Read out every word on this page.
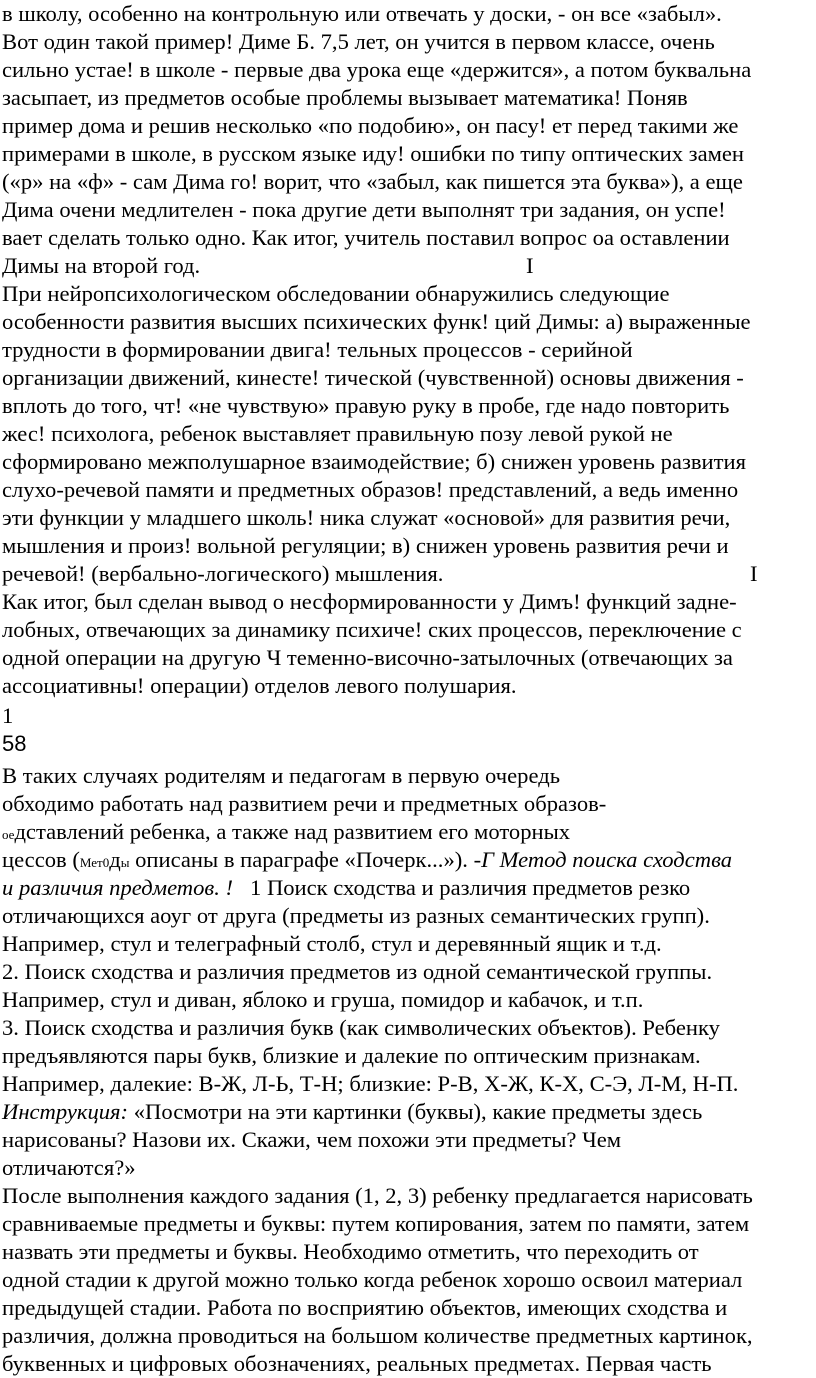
в школу, особенно на контрольную или отвечать у доски, - он все «забыл».
Вот один такой пример! Диме Б. 7,5 лет, он учится в первом классе, очень
сильно устае! в школе - первые два урока еще «держится», а потом буквальна
засыпает, из предметов особые проблемы вызывает математика! Поняв
пример дома и решив несколько «по подобию», он пасу! ет перед такими же
примерами в школе, в русском языке иду! ошибки по типу оптических замен
(«р» на «ф» - сам Дима го! ворит, что «забыл, как пишется эта буква»), а еще
Дима очени медлителен - пока другие дети выполнят три задания, он успе!
вает сделать только одно. Как итог, учитель поставил вопрос оа оставлении
Димы на второй год.	I
При нейропсихологическом обследовании обнаружились следующие
особенности развития высших психических функ! ций Димы: а) выраженные
трудности в формировании двига! тельных процессов - серийной
организации движений, кинесте! тической (чувственной) основы движения -
вплоть до того, чт! «не чувствую» правую руку в пробе, где надо повторить
жес! психолога, ребенок выставляет правильную позу левой рукой не
сформировано межполушарное взаимодействие; б) снижен уровень развития
слухо-речевой памяти и предметных образов! представлений, а ведь именно
эти функции у младшего школь! ника служат «основой» для развития речи,
мышления и произ! вольной регуляции; в) снижен уровень развития речи и
речевой! (вербально-логического) мышления.	I
Как итог, был сделан вывод о несформированности у Димъ! функций задне-
лобных, отвечающих за динамику психиче! ских процессов, переключение с
одной операции на другую Ч теменно-височно-затылочных (отвечающих за
ассоциативны! операции) отделов левого полушария.
1
58
В таких случаях родителям и педагогам в первую очередь
обходимо работать над развитием речи и предметных образов-
оедставлений ребенка, а также над развитием его моторных
цессов (Мет0ды описаны в параграфе «Почерк...»). -Г Метод поиска сходства
и различия предметов. ! 1 Поиск сходства и различия предметов резко
отличающихся аоуг от друга (предметы из разных семантических групп).
Например, стул и телеграфный столб, стул и деревянный ящик и т.д.
2. Поиск сходства и различия предметов из одной семантической группы.
Например, стул и диван, яблоко и груша, помидор и кабачок, и т.п.
3. Поиск сходства и различия букв (как символических объектов). Ребенку
предъявляются пары букв, близкие и далекие по оптическим признакам.
Например, далекие: В-Ж, Л-Ь, Т-Н; близкие: Р-В, Х-Ж, К-Х, С-Э, Л-М, Н-П.
Инструкция: «Посмотри на эти картинки (буквы), какие предметы здесь
нарисованы? Назови их. Скажи, чем похожи эти предметы? Чем
отличаются?»
После выполнения каждого задания (1, 2, 3) ребенку предлагается нарисовать
сравниваемые предметы и буквы: путем копирования, затем по памяти, затем
назвать эти предметы и буквы. Необходимо отметить, что переходить от
одной стадии к другой можно только когда ребенок хорошо освоил материал
предыдущей стадии. Работа по восприятию объектов, имеющих сходства и
различия, должна проводиться на большом количестве предметных картинок,
буквенных и цифровых обозначениях, реальных предметах. Первая часть
